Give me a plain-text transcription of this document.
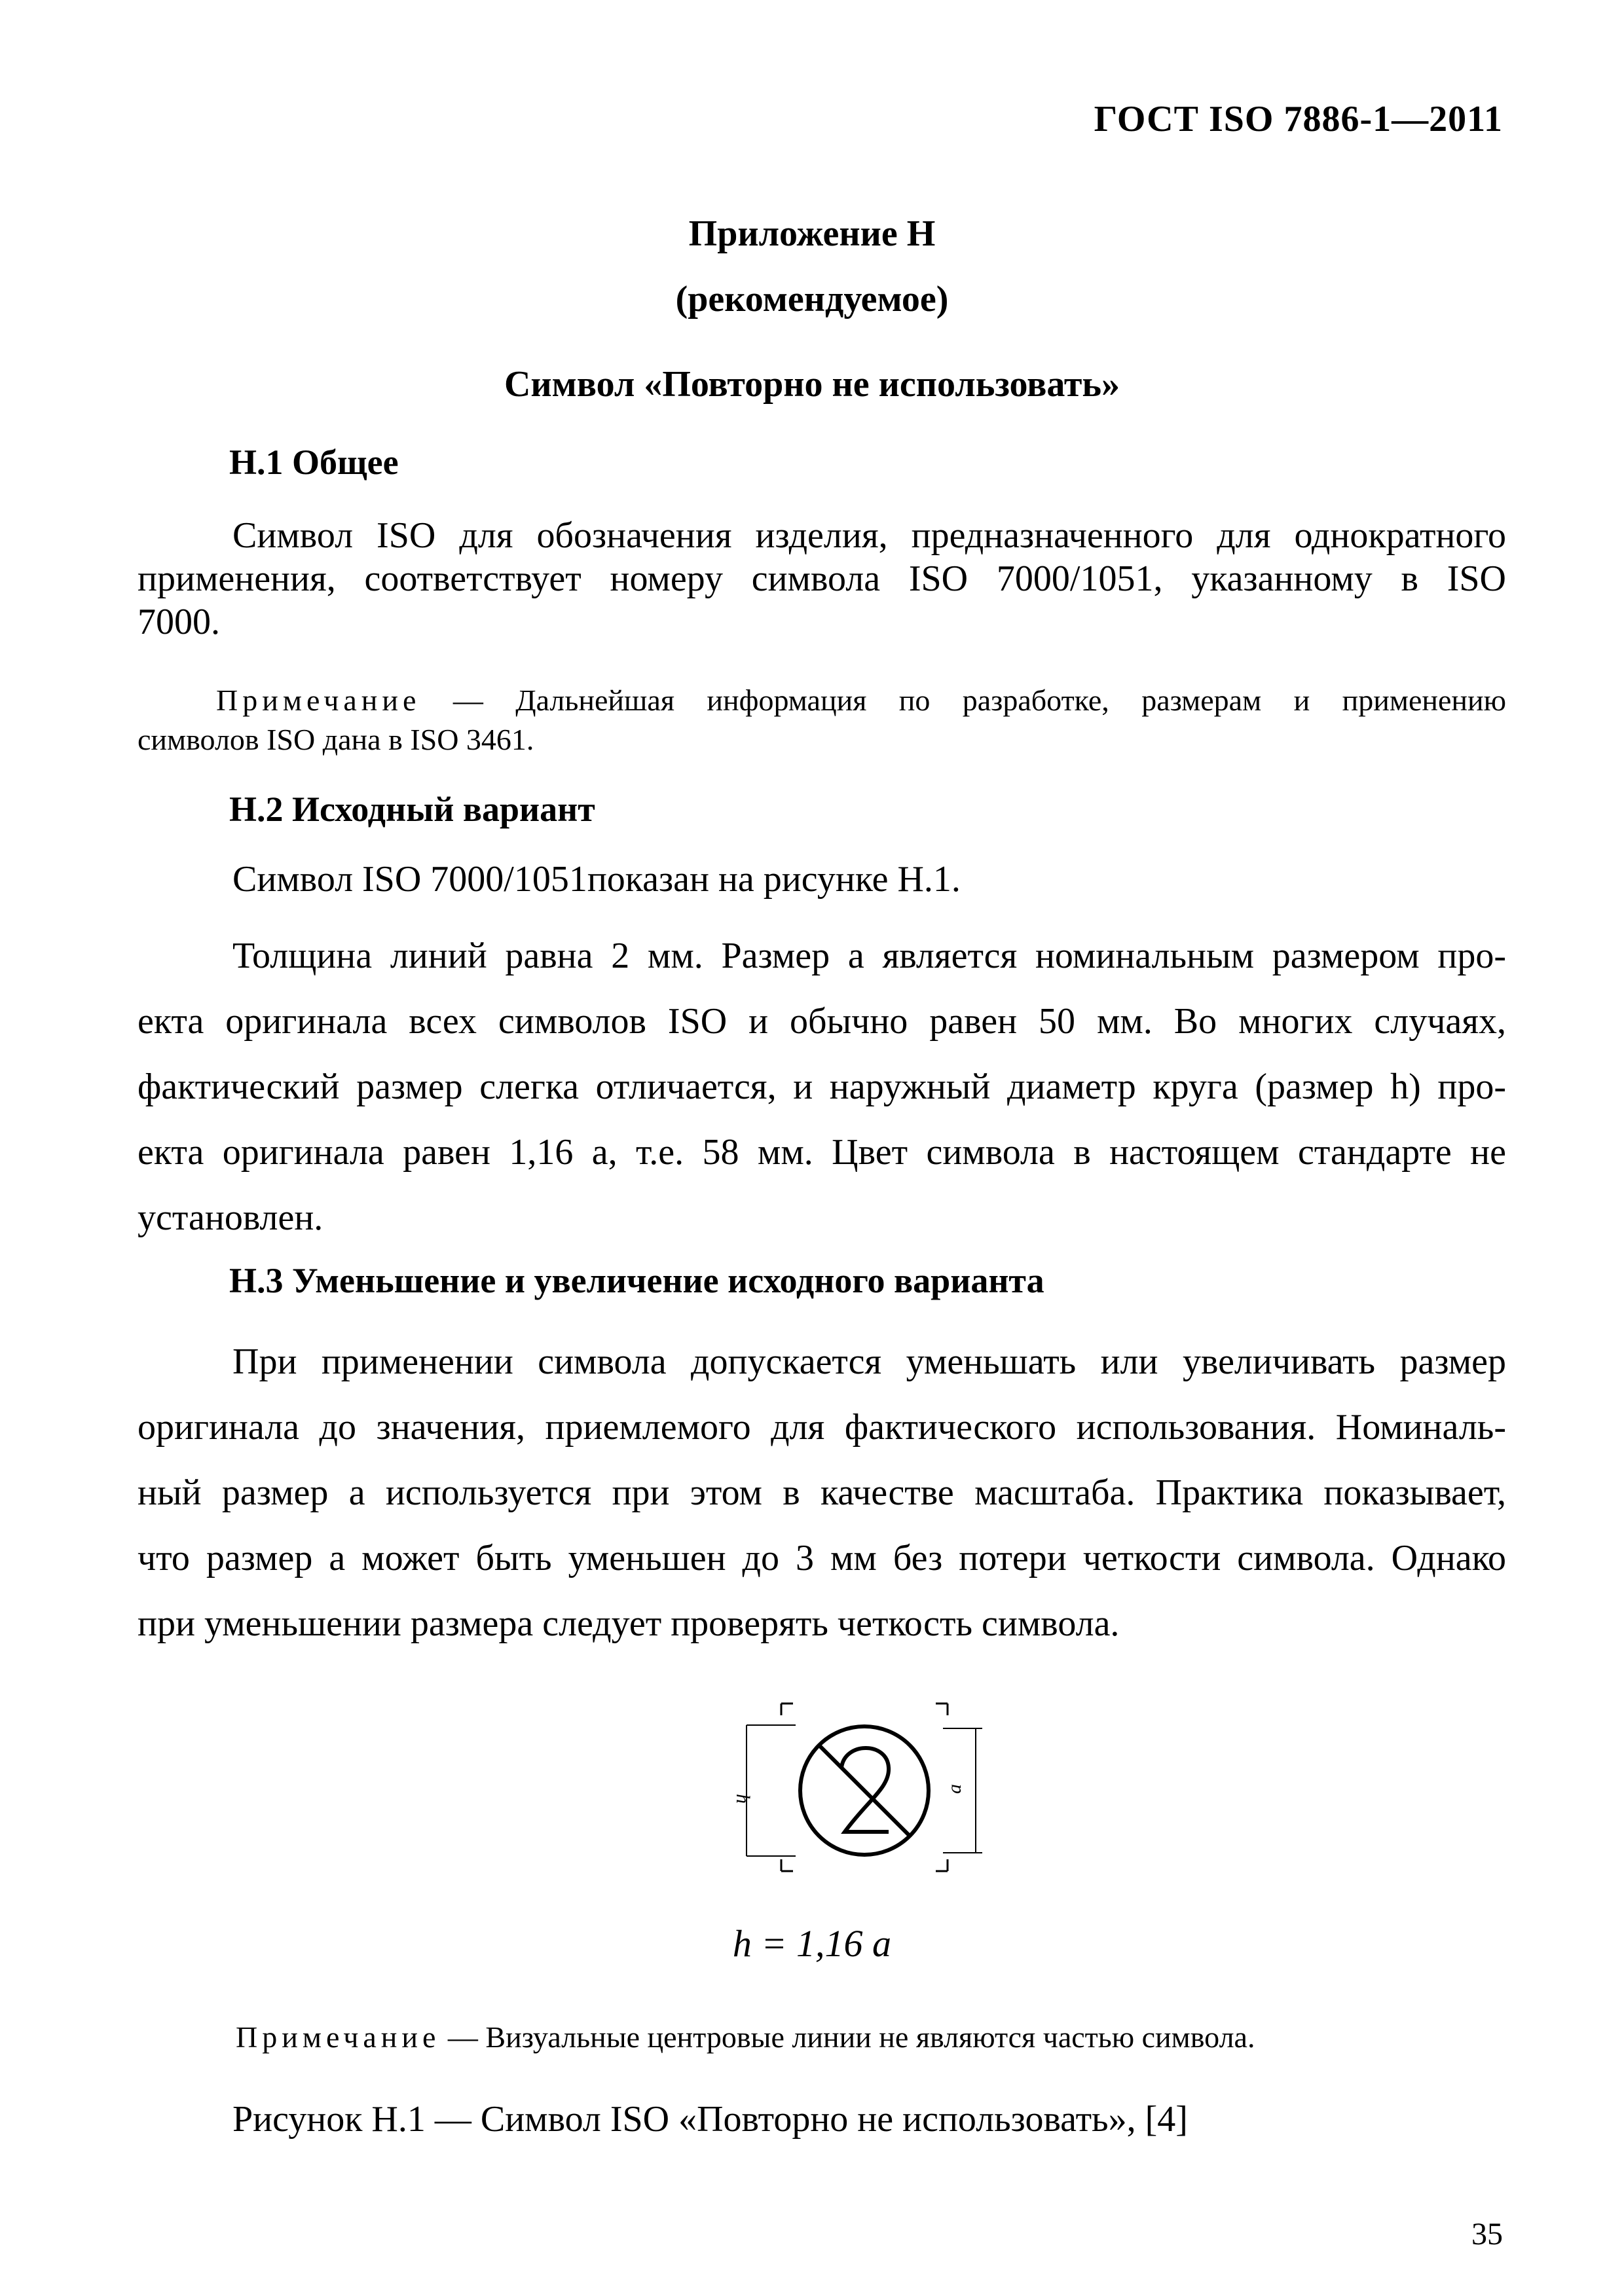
ГОСТ ISO 7886-1—2011
Приложение Н
(рекомендуемое)
Символ «Повторно не использовать»
Н.1 Общее
Символ ISO для обозначения изделия, предназначенного для однократного
применения, соответствует номеру символа ISO 7000/1051, указанному в ISO
7000.
Примечание — Дальнейшая информация по разработке, размерам и применению
символов ISO дана в ISO 3461.
Н.2 Исходный вариант
Символ ISO 7000/1051показан на рисунке Н.1.
Толщина линий равна 2 мм. Размер a является номинальным размером про-
екта оригинала всех символов ISO и обычно равен 50 мм. Во многих случаях,
фактический размер слегка отличается, и наружный диаметр круга (размер h) про-
екта оригинала равен 1,16 a, т.е. 58 мм. Цвет символа в настоящем стандарте не
установлен.
Н.3 Уменьшение и увеличение исходного варианта
При применении символа допускается уменьшать или увеличивать размер
оригинала до значения, приемлемого для фактического использования. Номиналь-
ный размер a используется при этом в качестве масштаба. Практика показывает,
что размер a может быть уменьшен до 3 мм без потери четкости символа. Однако
при уменьшении размера следует проверять четкость символа.
h
a
h = 1,16 a
Примечание — Визуальные центровые линии не являются частью символа.
Рисунок Н.1 — Символ ISO «Повторно не использовать», [4]
35
